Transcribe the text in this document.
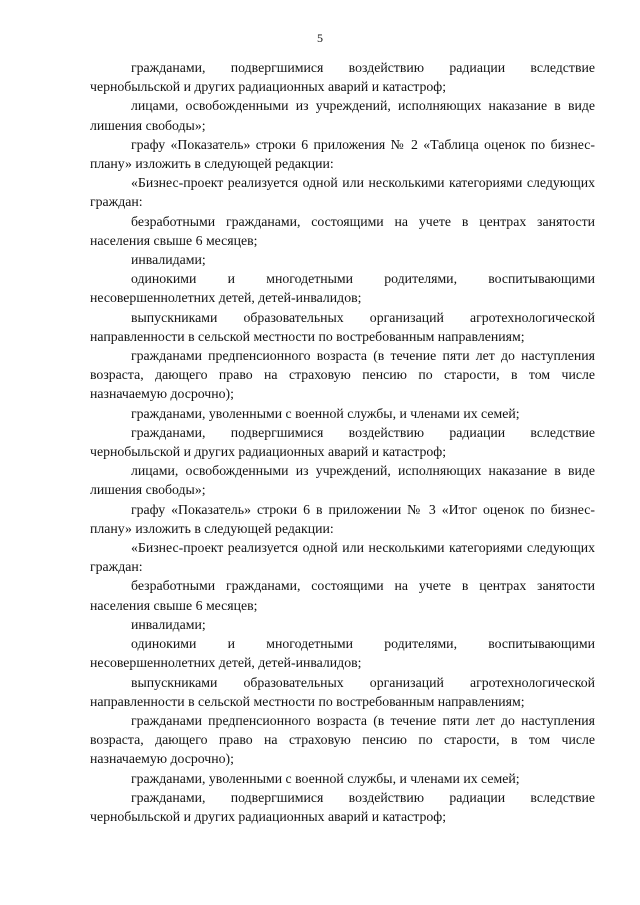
5

гражданами, подвергшимися воздействию радиации вследствие чернобыльской и других радиационных аварий и катастроф;

лицами, освобожденными из учреждений, исполняющих наказание в виде лишения свободы»;

графу «Показатель» строки 6 приложения № 2 «Таблица оценок по бизнес-плану» изложить в следующей редакции:

«Бизнес-проект реализуется одной или несколькими категориями следующих граждан:

безработными гражданами, состоящими на учете в центрах занятости населения свыше 6 месяцев;

инвалидами;

одинокими и многодетными родителями, воспитывающими несовершеннолетних детей, детей-инвалидов;

выпускниками образовательных организаций агротехнологической направленности в сельской местности по востребованным направлениям;

гражданами предпенсионного возраста (в течение пяти лет до наступления возраста, дающего право на страховую пенсию по старости, в том числе назначаемую досрочно);

гражданами, уволенными с военной службы, и членами их семей;

гражданами, подвергшимися воздействию радиации вследствие чернобыльской и других радиационных аварий и катастроф;

лицами, освобожденными из учреждений, исполняющих наказание в виде лишения свободы»;

графу «Показатель» строки 6 в приложении № 3 «Итог оценок по бизнес-плану» изложить в следующей редакции:

«Бизнес-проект реализуется одной или несколькими категориями следующих граждан:

безработными гражданами, состоящими на учете в центрах занятости населения свыше 6 месяцев;

инвалидами;

одинокими и многодетными родителями, воспитывающими несовершеннолетних детей, детей-инвалидов;

выпускниками образовательных организаций агротехнологической направленности в сельской местности по востребованным направлениям;

гражданами предпенсионного возраста (в течение пяти лет до наступления возраста, дающего право на страховую пенсию по старости, в том числе назначаемую досрочно);

гражданами, уволенными с военной службы, и членами их семей;

гражданами, подвергшимися воздействию радиации вследствие чернобыльской и других радиационных аварий и катастроф;
